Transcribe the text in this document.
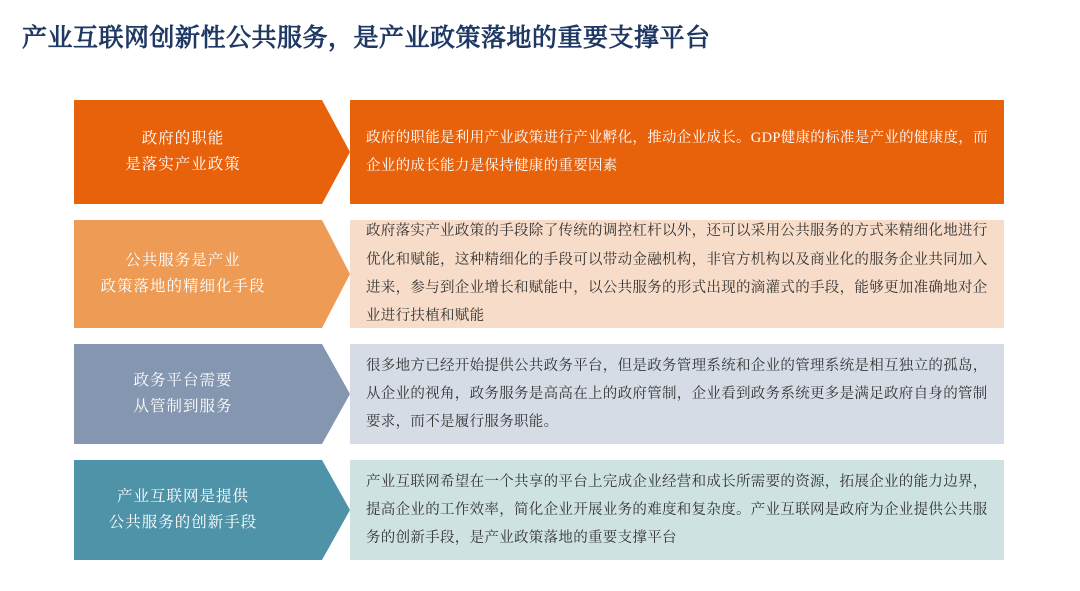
产业互联网创新性公共服务，是产业政策落地的重要支撑平台
政府的职能
是落实产业政策
政府的职能是利用产业政策进行产业孵化，推动企业成长。GDP健康的标准是产业的健康度，而企业的成长能力是保持健康的重要因素
公共服务是产业
政策落地的精细化手段
政府落实产业政策的手段除了传统的调控杠杆以外，还可以采用公共服务的方式来精细化地进行优化和赋能，这种精细化的手段可以带动金融机构，非官方机构以及商业化的服务企业共同加入进来，参与到企业增长和赋能中，以公共服务的形式出现的滴灌式的手段，能够更加准确地对企业进行扶植和赋能
政务平台需要
从管制到服务
很多地方已经开始提供公共政务平台，但是政务管理系统和企业的管理系统是相互独立的孤岛，从企业的视角，政务服务是高高在上的政府管制，企业看到政务系统更多是满足政府自身的管制要求，而不是履行服务职能。
产业互联网是提供
公共服务的创新手段
产业互联网希望在一个共享的平台上完成企业经营和成长所需要的资源，拓展企业的能力边界，提高企业的工作效率，简化企业开展业务的难度和复杂度。产业互联网是政府为企业提供公共服务的创新手段，是产业政策落地的重要支撑平台
